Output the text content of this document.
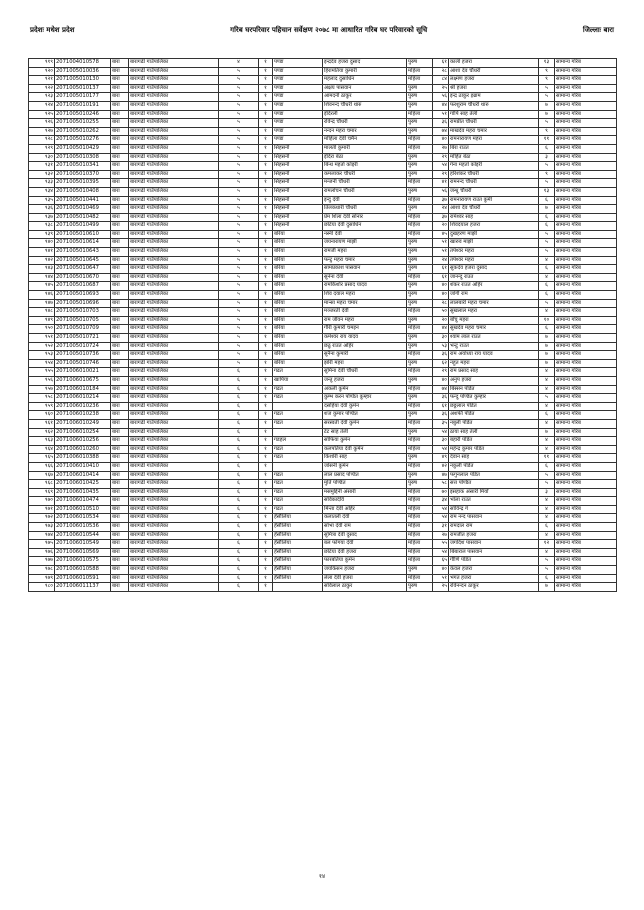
प्रदेशः मधेश प्रदेश	गरिब घरपरिवार पहिचान सर्वेक्षण २०७८ मा आधारित गरिब घर परिवारको सूचि	जिल्लाः बारा
९१९	2071004010578	बारा	बारागढी गाउँपालिका	४	१	पण्डा	इन्द्रदेव हजरा दुसाद	पुरुष	६१	काली हजरा	१३	सामान्य गरिब
९२०	2071005010036	बारा	बारागढी गाउँपालिका	५	१	पण्डा	हिरामतिया कुमारी	महिला	२८	आशा देव चौधरी	९	सामान्य गरिब
९२१	2071005010130	बारा	बारागढी गाउँपालिका	५	१	पण्डा	महलाद दुसाधिन	महिला	८४	लक्ष्मण हजरा	९	सामान्य गरिब
९२२	2071005010137	बारा	बारागढी गाउँपालिका	५	१	पण्डा	अक्षय पासवान	पुरुष	२५	श्री हजरा	५	सामान्य गरिब
९२३	2071005010177	बारा	बारागढी गाउँपालिका	५	१	पण्डा	आमदनी ठाकुर	पुरुष	५६	इन्द्र ठाकुर इब्राम	५	सामान्य गरिब
९२४	2071005010191	बारा	बारागढी गाउँपालिका	५	१	पण्डा	शिवनन्द चौधरी थारु	पुरुष	४४	फरशुराम चौधरी थारु	७	सामान्य गरिब
९२५	2071005010246	बारा	बारागढी गाउँपालिका	५	१	पण्डा	इंदिरली	महिला	५१	गोपि साह तेली	७	सामान्य गरिब
९२६	2071005010255	बारा	बारागढी गाउँपालिका	५	१	पण्डा	रविन्द्र चौधरी	पुरुष	३६	रामप्रीत चौधरी	५	सामान्य गरिब
९२७	2071005010262	बारा	बारागढी गाउँपालिका	५	१	पण्डा	नन्दन महरा चमार	पुरुष	७४	माखदेव महरा चमार	९	सामान्य गरिब
९२८	2071005010276	बारा	बारागढी गाउँपालिका	५	१	पण्डा	मोहिला देवी चमैन	महिला	४०	रामनारायण महरा	११	सामान्य गरिब
९२९	2071005010429	बारा	बारागढी गाउँपालिका	५	१	सिहसनी	मालती कुमारी	महिला	२७	बिरा राउत	६	सामान्य गरिब
९३०	2071005010308	बारा	बारागढी गाउँपालिका	५	१	सिहसनी	इंदिरा बेठा	पुरुष	२९	मोहित बेठा	३	सामान्य गरिब
९३१	2071005010341	बारा	बारागढी गाउँपालिका	५	१	सिहसनी	बिन्ध महतो कोइरी	पुरुष	५४	गेना महतो कोइरी	५	सामान्य गरिब
९३२	2071005010370	बारा	बारागढी गाउँपालिका	५	१	सिहसनी	कमलाकर चौधरी	पुरुष	२९	हरिशंकर चौधरी	९	सामान्य गरिब
९३३	2071005010395	बारा	बारागढी गाउँपालिका	५	१	सिहसनी	मन्जनी चौधरी	महिला	४१	रामनन्द चौधरी	५	सामान्य गरिब
९३४	2071005010408	बारा	बारागढी गाउँपालिका	५	१	सिहसनी	रामलोचन चौधरी	पुरुष	५६	जन्धु चौधरी	१३	सामान्य गरिब
९३५	2071005010441	बारा	बारागढी गाउँपालिका	५	१	सिहसनी	इन्दु देवी	महिला	३७	रामनारायण राउत कुर्मी	६	सामान्य गरिब
९३६	2071005010469	बारा	बारागढी गाउँपालिका	५	१	सिहसनी	तिलकधारी चौधरी	पुरुष	२४	आशा देव चौधरी	७	सामान्य गरिब
९३७	2071005010482	बारा	बारागढी गाउँपालिका	५	१	सिहसनी	प्रेम शिला देवी सोनार	महिला	३७	रामेश्वर साह	६	सामान्य गरिब
९३८	2071005010499	बारा	बारागढी गाउँपालिका	५	१	सिहसनी	छोटेया देवी दुसाधिन	महिला	२०	शिवदयाल हजरा	६	सामान्य गरिब
९३९	2071005010610	बारा	बारागढी गाउँपालिका	५	१	बरिया	नस्नी देवी	महिला	४५	दुखहरण माझी	५	सामान्य गरिब
९४०	2071005010614	बारा	बारागढी गाउँपालिका	५	१	बरिया	जयनारायण माझी	पुरुष	५१	खारुव माझी	५	सामान्य गरिब
९४१	2071005010643	बारा	बारागढी गाउँपालिका	५	१	बरिया	रामजी महरा	पुरुष	५१	तपेश्वर महरा	५	सामान्य गरिब
९४२	2071005010645	बारा	बारागढी गाउँपालिका	५	१	बरिया	फन्टु महरा चमार	पुरुष	२४	तपेश्वर महरा	४	सामान्य गरिब
९४३	2071005010647	बारा	बारागढी गाउँपालिका	५	१	बरिया	सामप्रकाश पासवान	पुरुष	६१	सुकदेव हजरा दुसाद	६	सामान्य गरिब
९४४	2071005010670	बारा	बारागढी गाउँपालिका	५	१	बरिया	सुनेना देवी	महिला	६१	जानन्दु राउत	४	सामान्य गरिब
९४५	2071005010687	बारा	बारागढी गाउँपालिका	५	१	बरिया	रामकिशोर प्रसाद यादव	पुरुष	४०	शंकर राउत अहिर	६	सामान्य गरिब
९४६	2071005010693	बारा	बारागढी गाउँपालिका	५	१	बरिया	शिव दयाल महरा	पुरुष	४०	जोगी राम	६	सामान्य गरिब
९४७	2071005010696	बारा	बारागढी गाउँपालिका	५	१	बरिया	मान्सा महरा चमार	पुरुष	२८	लालबारी महरा चमार	५	सामान्य गरिब
९४८	2071005010703	बारा	बारागढी गाउँपालिका	५	१	बरिया	मञ्जरती देवी	महिला	५०	सुखलाल महरा	४	सामान्य गरिब
९४९	2071005010705	बारा	बारागढी गाउँपालिका	५	१	बरिया	राम जीवन महरा	पुरुष	२०	बाँचु महरा	१०	सामान्य गरिब
९५०	2071005010709	बारा	बारागढी गाउँपालिका	५	१	बरिया	गौरी कुमारी चमइन	महिला	४४	सुखदेव महरा चमार	६	सामान्य गरिब
९५१	2071005010721	बारा	बारागढी गाउँपालिका	५	१	बरिया	कमेश्वर राय यादव	पुरुष	३०	श्याम लाल राउत	७	सामान्य गरिब
९५२	2071005010724	बारा	बारागढी गाउँपालिका	५	१	बरिया	छठु राउत अहिर	पुरुष	५३	भन्टु राउत	७	सामान्य गरिब
९५३	2071005010736	बारा	बारागढी गाउँपालिका	५	१	बरिया	सुनैना कुमारी	महिला	३६	राम अयोध्या राय यादव	७	सामान्य गरिब
९५४	2071005010746	बारा	बारागढी गाउँपालिका	५	१	बरिया	झोरी महरा	पुरुष	६२	नहुत महरा	७	सामान्य गरिब
९५५	2071006010021	बारा	बारागढी गाउँपालिका	६	१	गढत	सुमिना देवी चौधरी	महिला	२९	राम प्रसाद साह	४	सामान्य गरिब
९५६	2071006010675	बारा	बारागढी गाउँपालिका	६	१	खापिया	जन्तु हजरा	पुरुष	४०	अनुप हजरा	४	सामान्य गरिब
९५७	2071006010184	बारा	बारागढी गाउँपालिका	६	१	गढत	अकली कुर्मेन	महिला	७४	बिस्सन पंडित	४	सामान्य गरिब
९५८	2071006010214	बारा	बारागढी गाउँपालिका	६	१	गढत	कुम्भ करन पण्डित कुम्हार	पुरुष	३६	फन्दु पण्डित कुम्हार	५	सामान्य गरिब
९५९	2071006010236	बारा	बारागढी गाउँपालिका	६	१		दसहिया देवी कुमेन	महिला	६१	छठ्ठलाल पंडित	४	सामान्य गरिब
९६०	2071006010238	बारा	बारागढी गाउँपालिका	६	१	गढत	शज कुमार पण्डित	पुरुष	३६	अशर्फी पंडित	६	सामान्य गरिब
९६१	2071006010249	बारा	बारागढी गाउँपालिका	६	१	गढत	सरस्वती देवी कुमेन	महिला	३५	नबुली पंडित	४	सामान्य गरिब
९६२	2071006010254	बारा	बारागढी गाउँपालिका	६	१		टेट साह तेली	पुरुष	५४	ठाया साह तेली	७	सामान्य गरिब
९६३	2071006010256	बारा	बारागढी गाउँपालिका	६	१	गडहल	सोफिया कुमेन	महिला	३०	बहारी पंडित	४	सामान्य गरिब
९६४	2071006010260	बारा	बारागढी गाउँपालिका	६	१	गढत	कलपतिया देवी कुमेन	महिला	५४	महेन्द्र कुमार पंडित	४	सामान्य गरिब
९६५	2071006010388	बारा	बारागढी गाउँपालिका	६	१	गढत	किशोरी साह	पुरुष	४९	देवान साह	११	सामान्य गरिब
९६६	2071006010410	बारा	बारागढी गाउँपालिका	६	१		जोसनी कुमेन	महिला	४२	नकुली पंडित	६	सामान्य गरिब
९६७	2071006010414	बारा	बारागढी गाउँपालिका	६	१	गढत	लाल प्रसाद पण्डित	पुरुष	४७	फगुनलाल पंडित	५	सामान्य गरिब
९६८	2071006010425	बारा	बारागढी गाउँपालिका	६	१	गढत	मुति पण्डित	पुरुष	५८	सत्त पण्डित	५	सामान्य गरिब
९६९	2071006010435	बारा	बारागढी गाउँपालिका	६	१	गढत	मसमुद्दिनी अंसारी	महिला	७०	इसहाक अंसारी मियाँ	३	सामान्य गरिब
९७०	2071006010474	बारा	बारागढी गाउँपालिका	६	१	गढत	सविकादेवि	महिला	३४	भोला राउत	४	सामान्य गरिब
९७१	2071006010510	बारा	बारागढी गाउँपालिका	६	१	गढत	मिन्ता देवी अहिर	महिला	५४	सोविन्द्र गे	४	सामान्य गरिब
९७२	2071006010534	बारा	बारागढी गाउँपालिका	६	१	हँसौलिया	कलातली देवी	महिला	५४	राम नन्द पासवान	४	सामान्य गरिब
९७३	2071006010536	बारा	बारागढी गाउँपालिका	६	१	हँसौलिया	सोभा देवी राम	महिला	३१	रामदाल राम	६	सामान्य गरिब
९७४	2071006010544	बारा	बारागढी गाउँपालिका	६	१	हँसौलिया	सुमित्रा देवी दुसाद	महिला	२७	रामजीत हजरा	४	सामान्य गरिब
९७५	2071006010549	बारा	बारागढी गाउँपालिका	६	१	हँसौलिया	बल फोगया देवी	महिला	५५	जगदिश पासवान	१२	सामान्य गरिब
९७६	2071006010569	बारा	बारागढी गाउँपालिका	६	१	हँसौलिया	छोटेया देवी हजरा	महिला	५४	बिबाराल पासवान	४	सामान्य गरिब
९७७	2071006010575	बारा	बारागढी गाउँपालिका	६	१	हँसौलिया	फारबतिया कुमेन	महिला	६५	गौणि पंडित	५	सामान्य गरिब
९७८	2071006010588	बारा	बारागढी गाउँपालिका	६	१	हँसौलिया	जयकिसन हजरा	पुरुष	४०	केवल हजरा	५	सामान्य गरिब
९७९	2071006010591	बारा	बारागढी गाउँपालिका	६	१	हँसौलिया	लेला देवी हजरा	महिला	५१	भगत हजरा	६	सामान्य गरिब
९८०	2071006011137	बारा	बारागढी गाउँपालिका	६	१		सविलाल ठाकुर	पुरुष	२५	रविनन्दन ठाकुर	७	सामान्य गरिब
१४
